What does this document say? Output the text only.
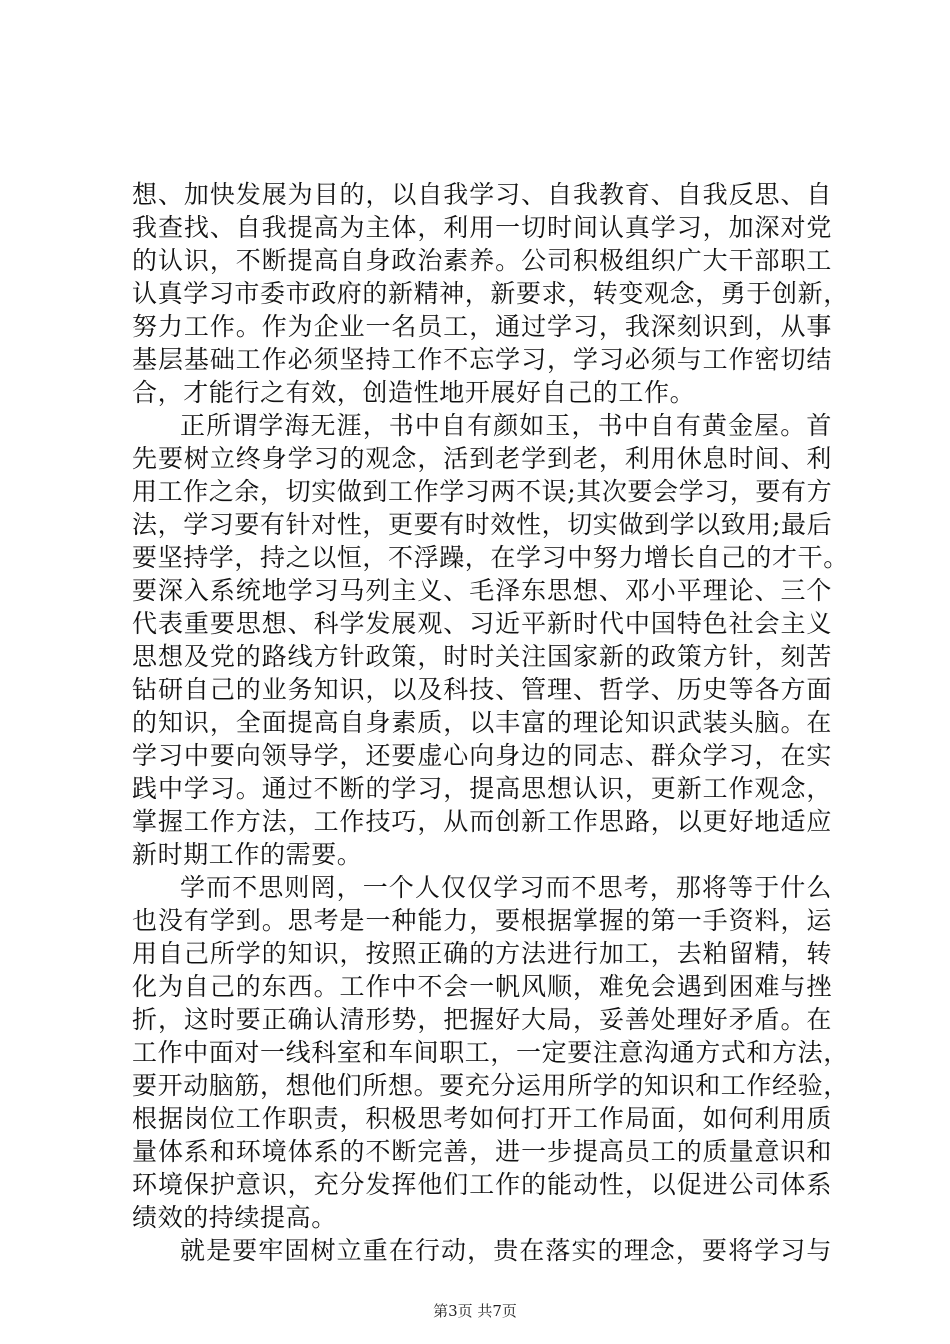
想、加快发展为目的，以自我学习、自我教育、自我反思、自
我查找、自我提高为主体，利用一切时间认真学习，加深对党
的认识，不断提高自身政治素养。公司积极组织广大干部职工
认真学习市委市政府的新精神，新要求，转变观念，勇于创新，
努力工作。作为企业一名员工，通过学习，我深刻识到，从事
基层基础工作必须坚持工作不忘学习，学习必须与工作密切结
合，才能行之有效，创造性地开展好自己的工作。
正所谓学海无涯，书中自有颜如玉，书中自有黄金屋。首
先要树立终身学习的观念，活到老学到老，利用休息时间、利
用工作之余，切实做到工作学习两不误;其次要会学习，要有方
法，学习要有针对性，更要有时效性，切实做到学以致用;最后
要坚持学，持之以恒，不浮躁，在学习中努力增长自己的才干。
要深入系统地学习马列主义、毛泽东思想、邓小平理论、三个
代表重要思想、科学发展观、习近平新时代中国特色社会主义
思想及党的路线方针政策，时时关注国家新的政策方针，刻苦
钻研自己的业务知识，以及科技、管理、哲学、历史等各方面
的知识，全面提高自身素质，以丰富的理论知识武装头脑。在
学习中要向领导学，还要虚心向身边的同志、群众学习，在实
践中学习。通过不断的学习，提高思想认识，更新工作观念，
掌握工作方法，工作技巧，从而创新工作思路，以更好地适应
新时期工作的需要。
学而不思则罔，一个人仅仅学习而不思考，那将等于什么
也没有学到。思考是一种能力，要根据掌握的第一手资料，运
用自己所学的知识，按照正确的方法进行加工，去粕留精，转
化为自己的东西。工作中不会一帆风顺，难免会遇到困难与挫
折，这时要正确认清形势，把握好大局，妥善处理好矛盾。在
工作中面对一线科室和车间职工，一定要注意沟通方式和方法，
要开动脑筋，想他们所想。要充分运用所学的知识和工作经验，
根据岗位工作职责，积极思考如何打开工作局面，如何利用质
量体系和环境体系的不断完善，进一步提高员工的质量意识和
环境保护意识，充分发挥他们工作的能动性，以促进公司体系
绩效的持续提高。
就是要牢固树立重在行动，贵在落实的理念，要将学习与
第3页 共7页
